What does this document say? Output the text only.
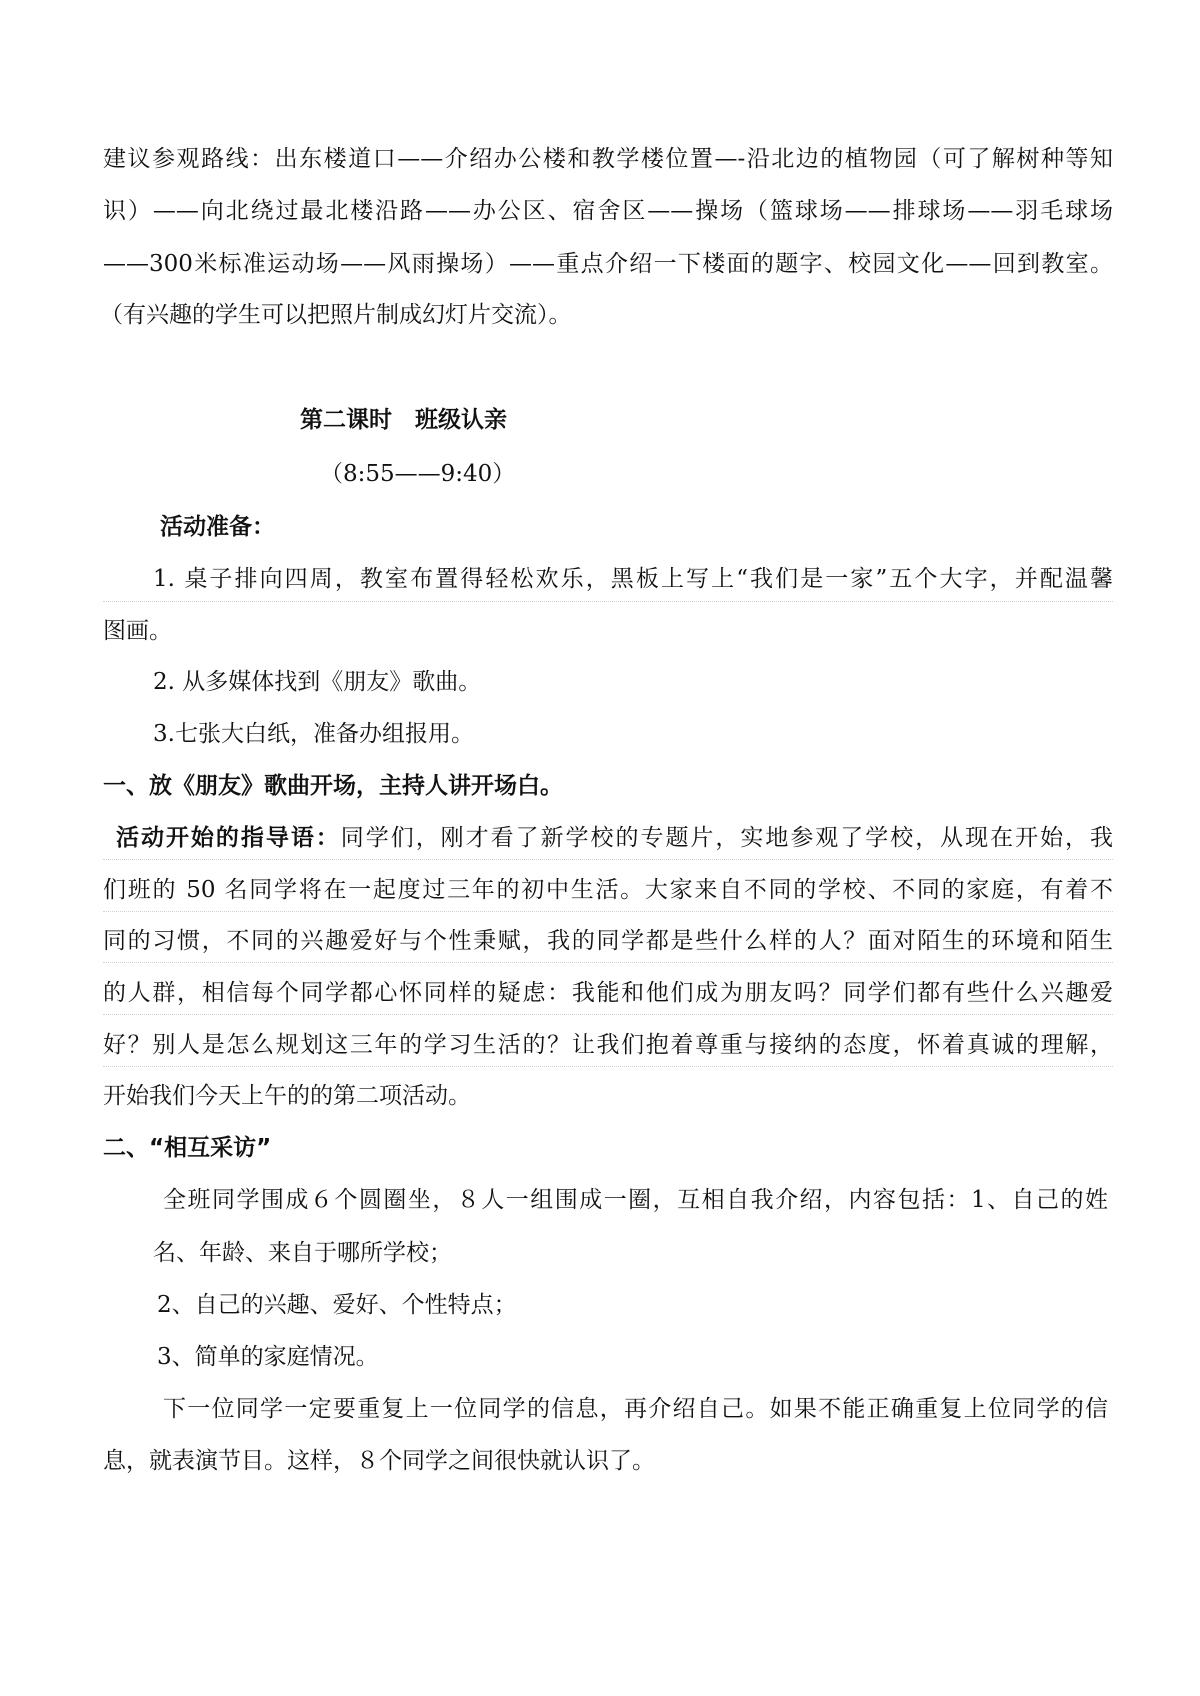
建议参观路线：出东楼道口——介绍办公楼和教学楼位置—-沿北边的植物园（可了解树种等知

识）——向北绕过最北楼沿路——办公区、宿舍区——操场（篮球场——排球场——羽毛球场

——300米标准运动场——风雨操场）——重点介绍一下楼面的题字、校园文化——回到教室。

（有兴趣的学生可以把照片制成幻灯片交流）。

第二课时　班级认亲

（8:55——9:40）

活动准备：

1. 桌子排向四周，教室布置得轻松欢乐，黑板上写上“我们是一家”五个大字，并配温馨

图画。

2. 从多媒体找到《朋友》歌曲。

3.七张大白纸，准备办组报用。

一、放《朋友》歌曲开场，主持人讲开场白。

活动开始的指导语：同学们，刚才看了新学校的专题片，实地参观了学校，从现在开始，我

们班的 50 名同学将在一起度过三年的初中生活。大家来自不同的学校、不同的家庭，有着不

同的习惯，不同的兴趣爱好与个性秉赋，我的同学都是些什么样的人？面对陌生的环境和陌生

的人群，相信每个同学都心怀同样的疑虑：我能和他们成为朋友吗？同学们都有些什么兴趣爱

好？别人是怎么规划这三年的学习生活的？让我们抱着尊重与接纳的态度，怀着真诚的理解，

开始我们今天上午的的第二项活动。

二、“相互采访”

全班同学围成６个圆圈坐，８人一组围成一圈，互相自我介绍，内容包括：1、自己的姓

名、年龄、来自于哪所学校；

2、自己的兴趣、爱好、个性特点；

3、简单的家庭情况。

下一位同学一定要重复上一位同学的信息，再介绍自己。如果不能正确重复上位同学的信

息，就表演节目。这样，８个同学之间很快就认识了。
